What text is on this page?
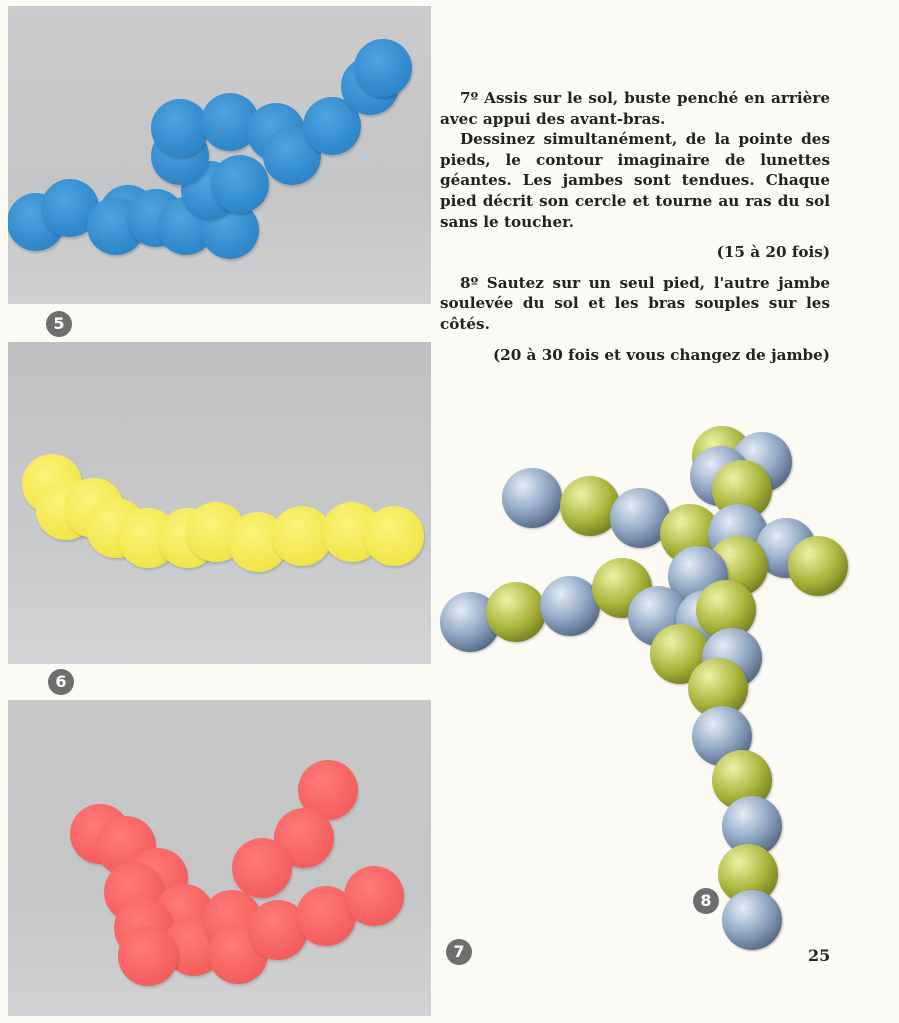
5
6
7
8

7º Assis sur le sol, buste penché en arrière avec appui des avant-bras.

Dessinez simultanément, de la pointe des pieds, le contour imaginaire de lunettes géantes. Les jambes sont tendues. Chaque pied décrit son cercle et tourne au ras du sol sans le toucher.

(15 à 20 fois)

8º Sautez sur un seul pied, l'autre jambe soulevée du sol et les bras souples sur les côtés.

(20 à 30 fois et vous changez de jambe)

25
